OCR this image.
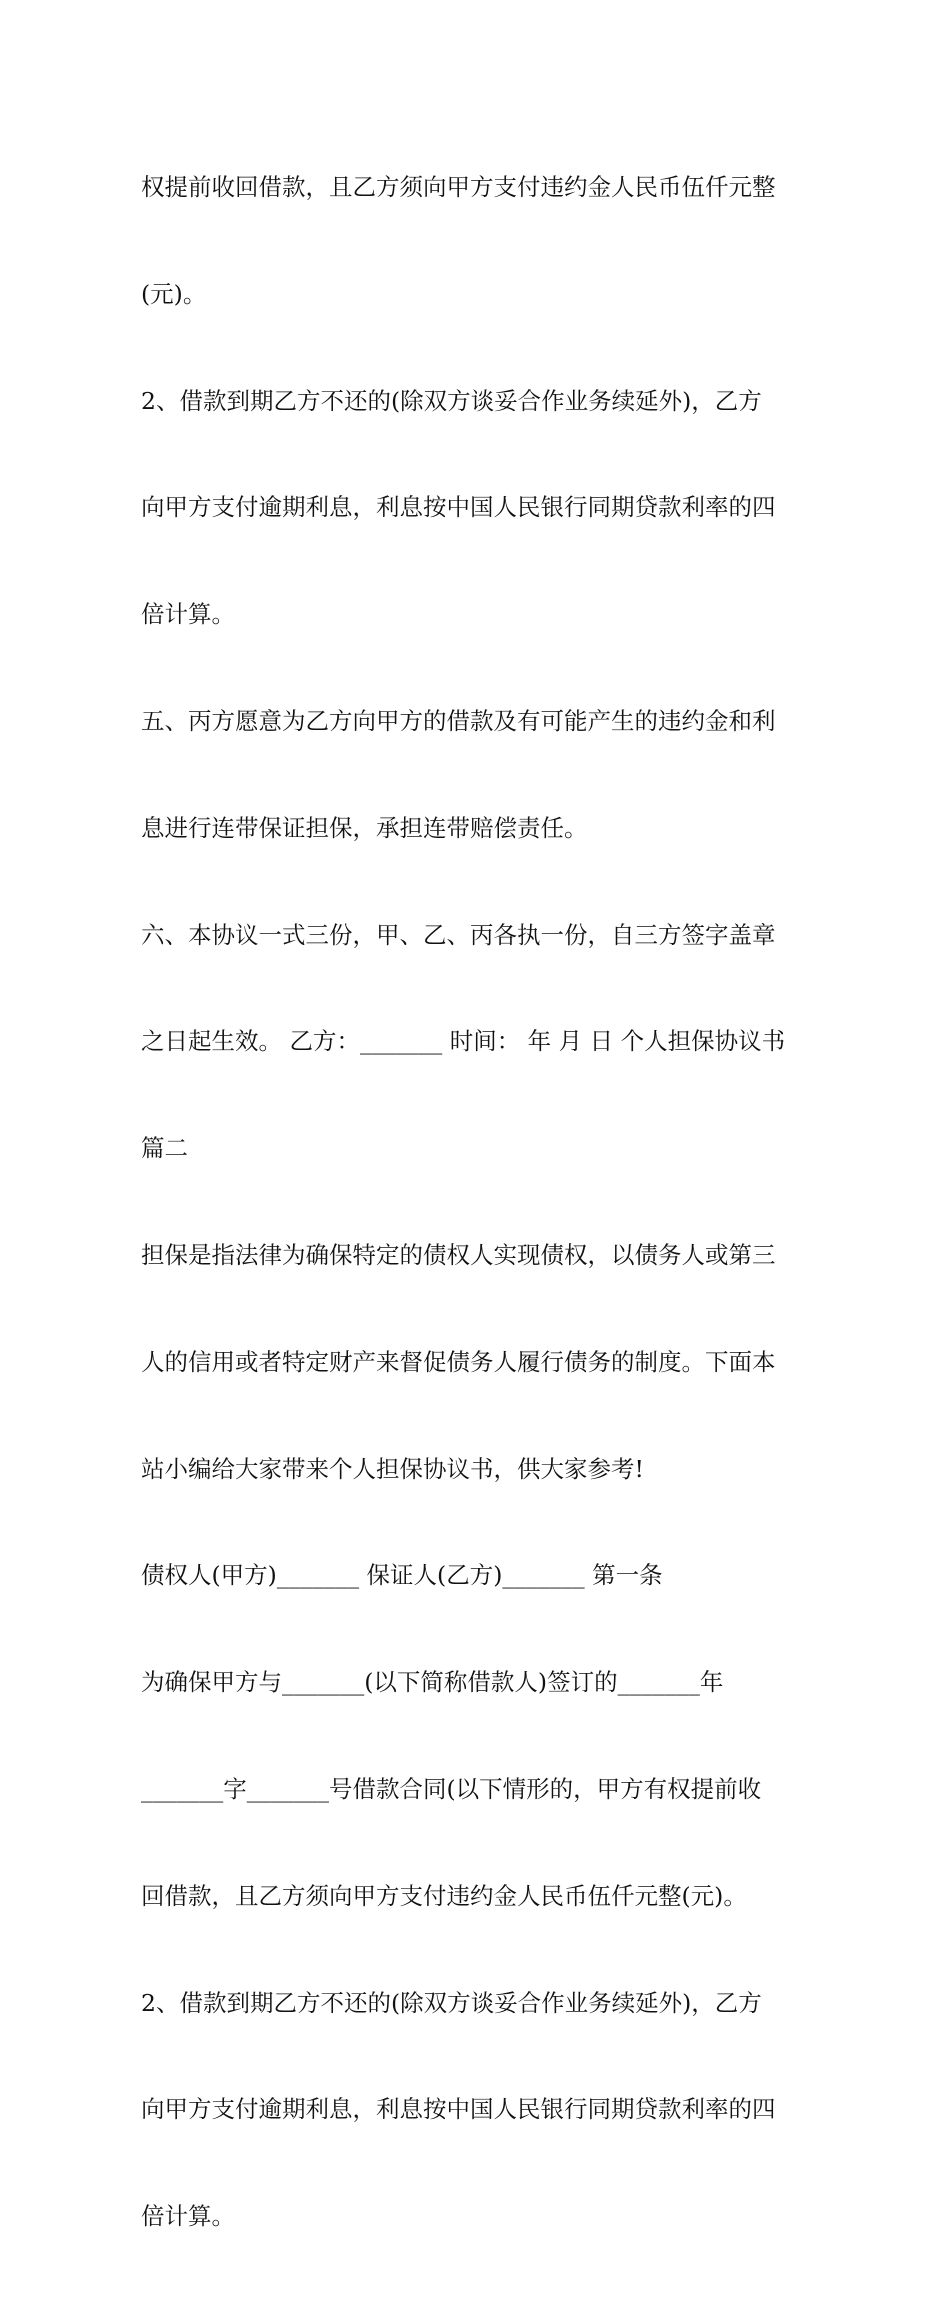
权提前收回借款，且乙方须向甲方支付违约金人民币伍仟元整

(元)。

2、借款到期乙方不还的(除双方谈妥合作业务续延外)，乙方

向甲方支付逾期利息，利息按中国人民银行同期贷款利率的四

倍计算。

五、丙方愿意为乙方向甲方的借款及有可能产生的违约金和利

息进行连带保证担保，承担连带赔偿责任。

六、本协议一式三份，甲、乙、丙各执一份，自三方签字盖章

之日起生效。 乙方：_______ 时间： 年 月 日 个人担保协议书

篇二

担保是指法律为确保特定的债权人实现债权，以债务人或第三

人的信用或者特定财产来督促债务人履行债务的制度。下面本

站小编给大家带来个人担保协议书，供大家参考!

债权人(甲方)_______ 保证人(乙方)_______ 第一条

为确保甲方与_______(以下简称借款人)签订的_______年

_______字_______号借款合同(以下情形的，甲方有权提前收

回借款，且乙方须向甲方支付违约金人民币伍仟元整(元)。

2、借款到期乙方不还的(除双方谈妥合作业务续延外)，乙方

向甲方支付逾期利息，利息按中国人民银行同期贷款利率的四

倍计算。
